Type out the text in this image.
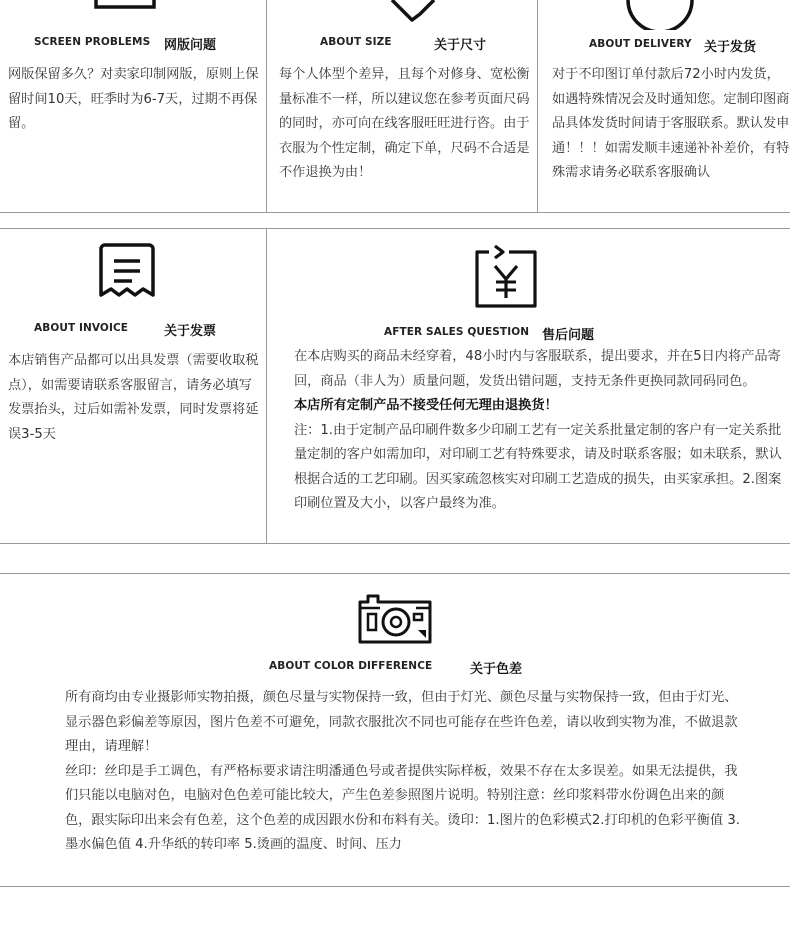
SCREEN PROBLEMS 网版问题
网版保留多久？对卖家印制网版，原则上保留时间10天，旺季时为6-7天，过期不再保留。
ABOUT SIZE	关于尺寸
每个人体型个差异，且每个对修身、宽松衡量标准不一样，所以建议您在参考页面尺码的同时，亦可向在线客服旺旺进行咨。由于衣服为个性定制，确定下单，尺码不合适是不作退换为由！
ABOUT DELIVERY 关于发货
对于不印图订单付款后72小时内发货，如遇特殊情况会及时通知您。定制印图商品具体发货时间请于客服联系。默认发申通！！！如需发顺丰速递补补差价，有特殊需求请务必联系客服确认
ABOUT INVOICE	关于发票
本店销售产品都可以出具发票（需要收取税点），如需要请联系客服留言，请务必填写发票抬头，过后如需补发票，同时发票将延误3-5天
AFTER SALES QUESTION 售后问题

在本店购买的商品未经穿着，48小时内与客服联系，提出要求，并在5日内将产品寄回，商品（非人为）质量问题，发货出错问题，支持无条件更换同款同码同色。

本店所有定制产品不接受任何无理由退换货！

注：1.由于定制产品印刷件数多少印刷工艺有一定关系批量定制的客户有一定关系批量定制的客户如需加印，对印刷工艺有特殊要求，请及时联系客服；如未联系，默认根据合适的工艺印刷。因买家疏忽核实对印刷工艺造成的损失，由买家承担。2.图案印刷位置及大小，以客户最终为准。

ABOUT COLOR DIFFERENCE	关于色差

所有商均由专业摄影师实物拍摄，颜色尽量与实物保持一致，但由于灯光、颜色尽量与实物保持一致，但由于灯光、显示器色彩偏差等原因，图片色差不可避免，同款衣服批次不同也可能存在些许色差，请以收到实物为准，不做退款理由，请理解！

丝印：丝印是手工调色，有严格标要求请注明潘通色号或者提供实际样板，效果不存在太多误差。如果无法提供，我们只能以电脑对色，电脑对色色差可能比较大，产生色差参照图片说明。特别注意：丝印浆料带水份调色出来的颜色，跟实际印出来会有色差，这个色差的成因跟水份和布料有关。烫印：1.图片的色彩模式2.打印机的色彩平衡值 3.墨水偏色值 4.升华纸的转印率 5.烫画的温度、时间、压力
